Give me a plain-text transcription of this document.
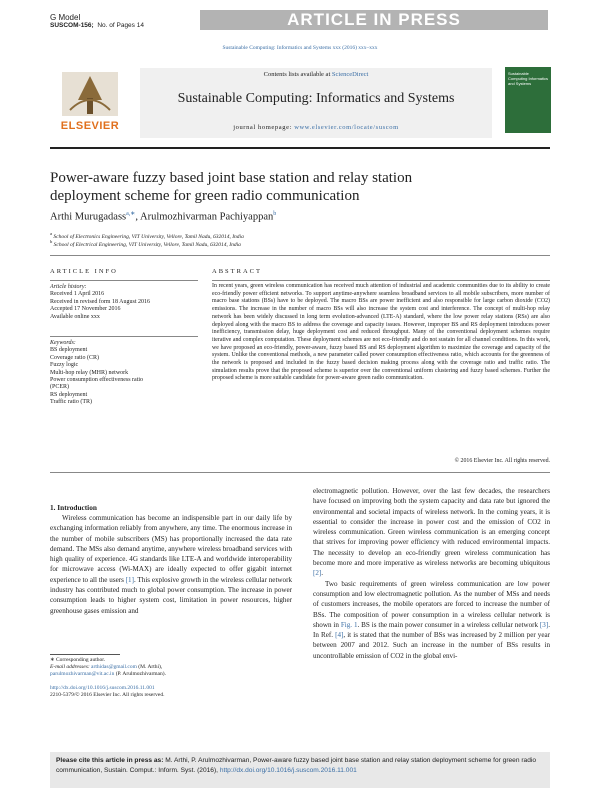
G Model
SUSCOM-156; No. of Pages 14	ARTICLE IN PRESS
Sustainable Computing: Informatics and Systems xxx (2016) xxx–xxx
ELSEVIER
Contents lists available at ScienceDirect
Sustainable Computing: Informatics and Systems
journal homepage: www.elsevier.com/locate/suscom
Sustainable Computing Informatics and Systems
Power-aware fuzzy based joint base station and relay station deployment scheme for green radio communication
Arthi Murugadass$^{a,∗}$, Arulmozhivarman Pachiyappan$^b$
$^a$ School of Electronics Engineering, VIT University, Vellore, Tamil Nadu, 632014, India
$^b$ School of Electrical Engineering, VIT University, Vellore, Tamil Nadu, 632014, India
ARTICLE INFO
Article history:
Received 1 April 2016
Received in revised form 18 August 2016
Accepted 17 November 2016
Available online xxx
Keywords:
BS deployment
Coverage ratio (CR)
Fuzzy logic
Multi-hop relay (MHR) network
Power consumption effectiveness ratio
(PCER)
RS deployment
Traffic ratio (TR)
ABSTRACT
In recent years, green wireless communication has received much attention of industrial and academic communities due to its ability to create eco-friendly power efficient networks. To support anytime-anywhere seamless broadband services to all mobile subscribers, more number of macro base stations (BSs) have to be deployed. The macro BSs are power inefficient and also responsible for large carbon dioxide (CO2) emissions. The increase in the number of macro BSs will also increase the system cost and interference. The concept of multi-hop relay network has been widely discussed in long term evolution-advanced (LTE-A) standard, where the low power relay stations (RSs) are also deployed along with the macro BS to address the coverage and capacity issues. However, improper BS and RS deployment introduces power inefficiency, transmission delay, huge deployment cost and reduced throughput. Many of the conventional deployment schemes require iterative and complex computation. These deployment schemes are not eco-friendly and do not sustain for all channel conditions. In this work, we have proposed an eco-friendly, power-aware, fuzzy based BS and RS deployment algorithm to maximize the coverage and capacity of the system. Unlike the conventional methods, a new parameter called power consumption effectiveness ratio, which accounts for the greenness of the network is proposed and included in the fuzzy based decision making process along with the coverage ratio and traffic ratio. The simulation results prove that the proposed scheme is superior over the conventional uniform clustering and fuzzy based schemes. Further the proposed scheme is more suitable candidate for power-aware green radio communication.
© 2016 Elsevier Inc. All rights reserved.
1. Introduction
Wireless communication has become an indispensible part in our daily life by exchanging information reliably from anywhere, any time. The enormous increase in the number of mobile subscribers (MS) has proportionally increased the data rate demand. The MSs also demand anytime, anywhere wireless broadband services with high quality of experience. 4G standards like LTE-A and worldwide interoperability for microwave access (Wi-MAX) are ideally expected to offer gigabit internet experience to all the users [1]. This explosive growth in the wireless cellular network industry has contributed much to global power consumption. The increase in power consumption leads to higher system cost, limitation in power resources, higher greenhouse gases emission and
electromagnetic pollution. However, over the last few decades, the researchers have focused on improving both the system capacity and data rate but ignored the environmental and societal impacts of wireless network. In the coming years, it is essential to consider the increase in power cost and the emission of CO2 in wireless communication. Green wireless communication is an emerging concept that strives for improving power efficiency with reduced environmental impacts. The necessity to develop an eco-friendly green wireless communication has become more and more imperative as wireless networks are becoming ubiquitous [2].
Two basic requirements of green wireless communication are low power consumption and low electromagnetic pollution. As the number of MSs and needs of customers increases, the mobile operators are forced to increase the number of BSs. The composition of power consumption in a wireless cellular network is shown in Fig. 1. BS is the main power consumer in a wireless cellular network [3]. In Ref. [4], it is stated that the number of BSs was increased by 2 million per year between 2007 and 2012. Such an increase in the number of BSs results in uncontrollable emission of CO2 in the global envi-
∗ Corresponding author.
E-mail addresses: arthidas@gmail.com (M. Arthi),
parulmozhivarman@vit.ac.in (P. Arulmozhivarman).
http://dx.doi.org/10.1016/j.suscom.2016.11.001
2210-5379/© 2016 Elsevier Inc. All rights reserved.
Please cite this article in press as: M. Arthi, P. Arulmozhivarman, Power-aware fuzzy based joint base station and relay station deployment scheme for green radio communication, Sustain. Comput.: Inform. Syst. (2016), http://dx.doi.org/10.1016/j.suscom.2016.11.001
